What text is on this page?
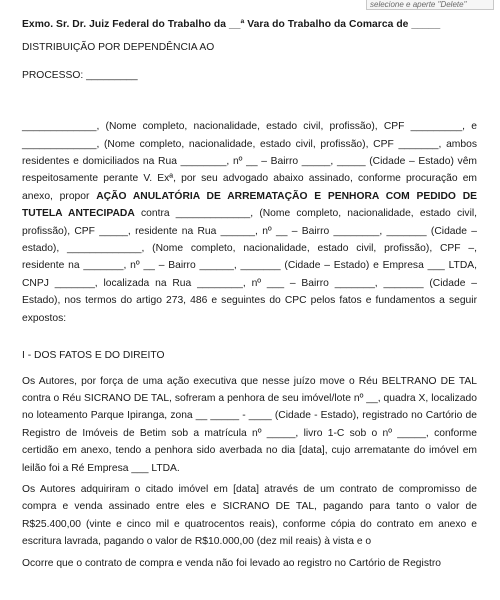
selecione e aperte "Delete"

Exmo. Sr. Dr. Juiz Federal do Trabalho da __ª Vara do Trabalho da Comarca de _____

DISTRIBUIÇÃO POR DEPENDÊNCIA AO

PROCESSO: _________

_____________, (Nome completo, nacionalidade, estado civil, profissão), CPF _________, e _____________, (Nome completo, nacionalidade, estado civil, profissão), CPF _______, ambos residentes e domiciliados na Rua ________, nº __ – Bairro _____, _____ (Cidade – Estado) vêm respeitosamente perante V. Exª, por seu advogado abaixo assinado, conforme procuração em anexo, propor AÇÃO ANULATÓRIA DE ARREMATAÇÃO E PENHORA COM PEDIDO DE TUTELA ANTECIPADA contra _____________, (Nome completo, nacionalidade, estado civil, profissão), CPF _____, residente na Rua ______, nº __ – Bairro ________, _______ (Cidade – estado), _____________, (Nome completo, nacionalidade, estado civil, profissão), CPF –, residente na _______, nº __ – Bairro ______, _______ (Cidade – Estado) e Empresa ___ LTDA, CNPJ _______, localizada na Rua ________, nº ___ – Bairro _______, _______ (Cidade – Estado), nos termos do artigo 273, 486 e seguintes do CPC pelos fatos e fundamentos a seguir expostos:

I - DOS FATOS E DO DIREITO

Os Autores, por força de uma ação executiva que nesse juízo move o Réu BELTRANO DE TAL contra o Réu SICRANO DE TAL, sofreram a penhora de seu imóvel/lote nº __, quadra X, localizado no loteamento Parque Ipiranga, zona __ _____ - ____ (Cidade - Estado), registrado no Cartório de Registro de Imóveis de Betim sob a matrícula nº _____, livro 1-C sob o nº _____, conforme certidão em anexo, tendo a penhora sido averbada no dia [data], cujo arrematante do imóvel em leilão foi a Ré Empresa ___ LTDA.

Os Autores adquiriram o citado imóvel em [data] através de um contrato de compromisso de compra e venda assinado entre eles e SICRANO DE TAL, pagando para tanto o valor de R$25.400,00 (vinte e cinco mil e quatrocentos reais), conforme cópia do contrato em anexo e escritura lavrada, pagando o valor de R$10.000,00 (dez mil reais) à vista e o

Ocorre que o contrato de compra e venda não foi levado ao registro no Cartório de Registro
